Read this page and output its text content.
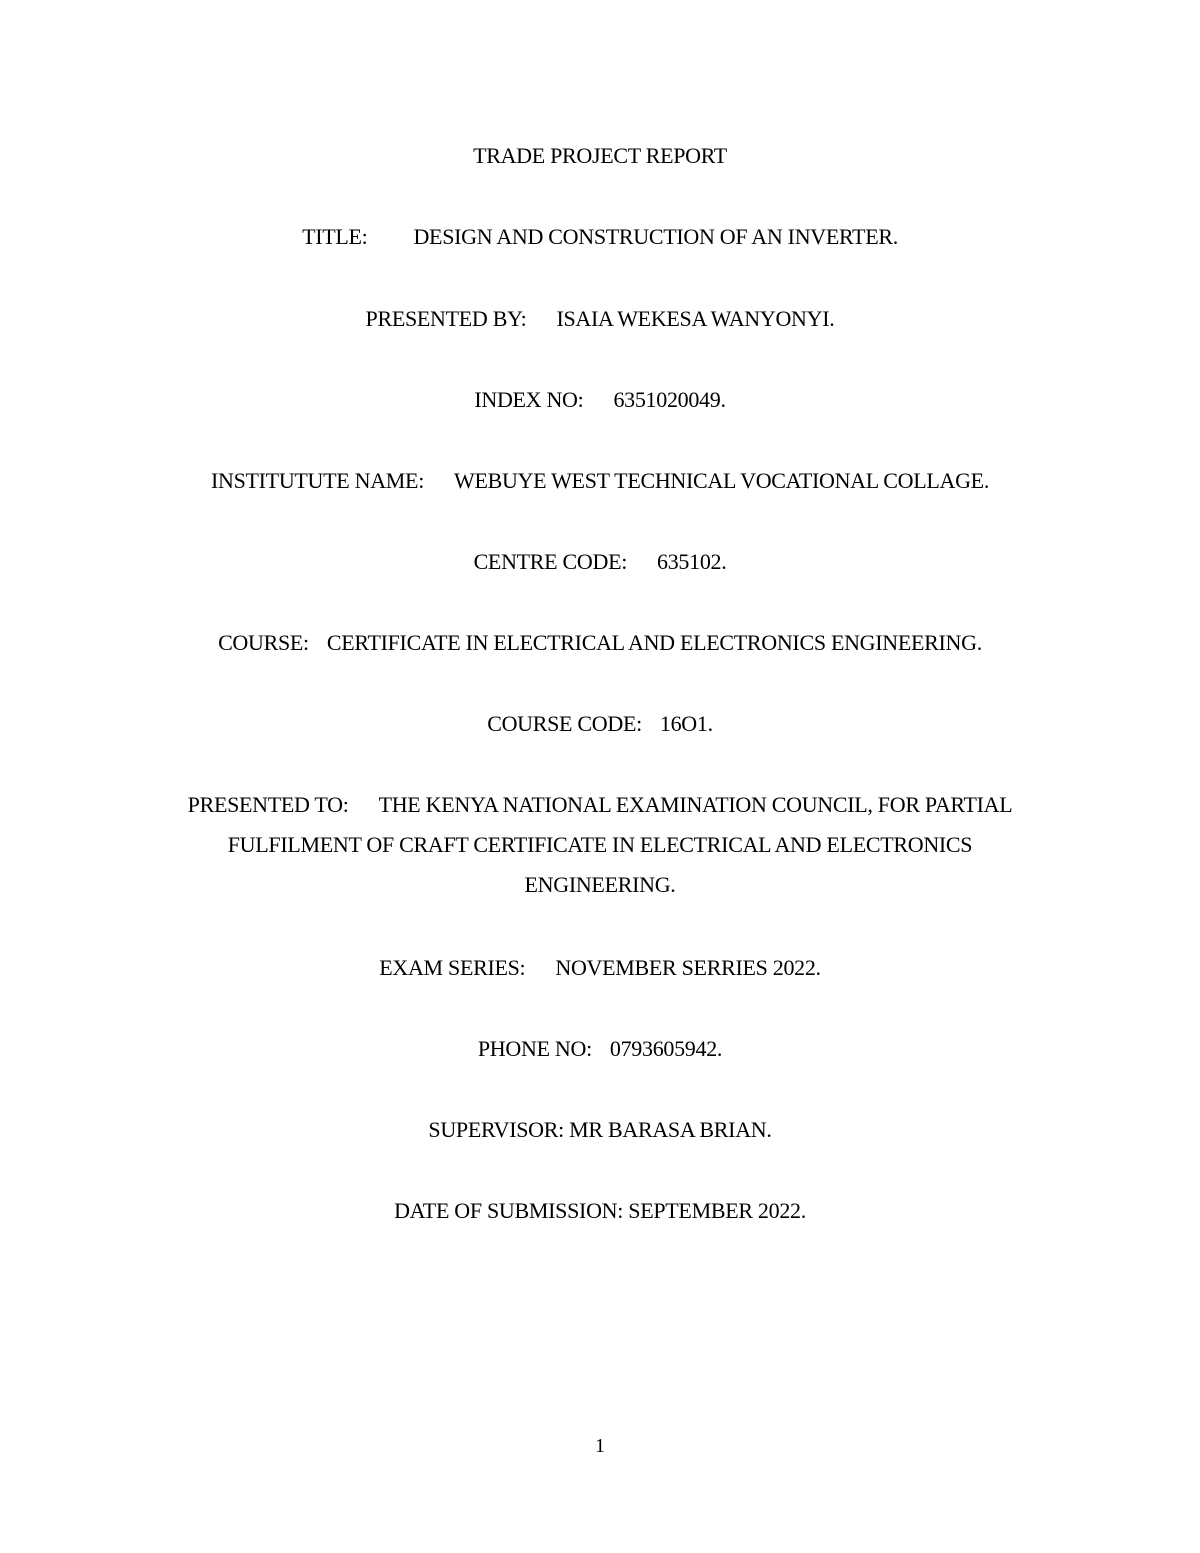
TRADE PROJECT REPORT
TITLE: DESIGN AND CONSTRUCTION OF AN INVERTER.
PRESENTED BY: ISAIA WEKESA WANYONYI.
INDEX NO: 6351020049.
INSTITUTUTE NAME: WEBUYE WEST TECHNICAL VOCATIONAL COLLAGE.
CENTRE CODE: 635102.
COURSE: CERTIFICATE IN ELECTRICAL AND ELECTRONICS ENGINEERING.
COURSE CODE: 16O1.
PRESENTED TO: THE KENYA NATIONAL EXAMINATION COUNCIL, FOR PARTIAL FULFILMENT OF CRAFT CERTIFICATE IN ELECTRICAL AND ELECTRONICS ENGINEERING.
EXAM SERIES: NOVEMBER SERRIES 2022.
PHONE NO: 0793605942.
SUPERVISOR: MR BARASA BRIAN.
DATE OF SUBMISSION: SEPTEMBER 2022.
1
